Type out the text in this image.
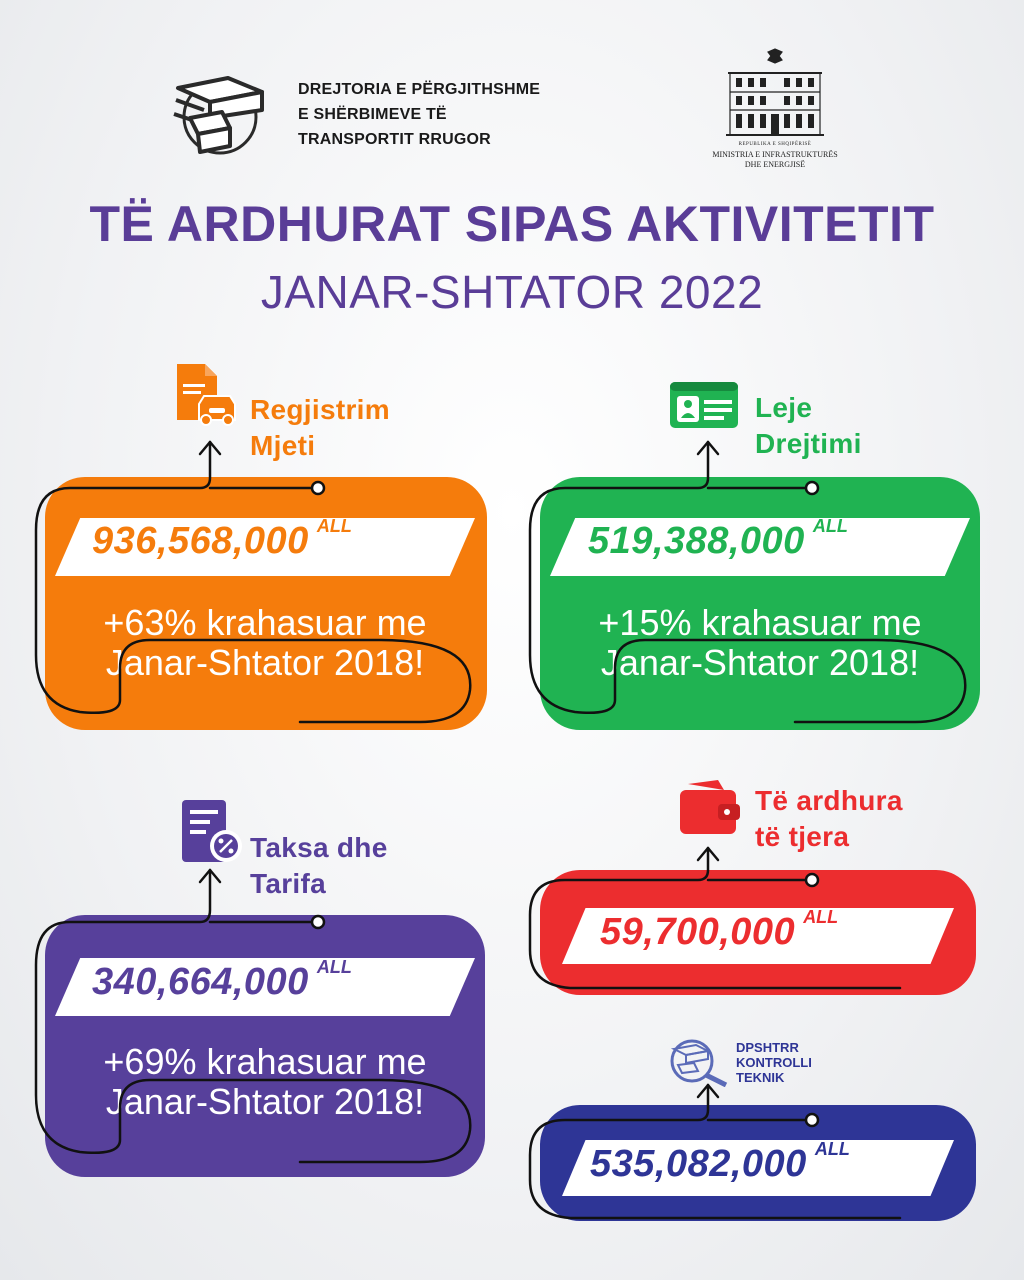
DREJTORIA E PËRGJITHSHME
E SHËRBIMEVE TË
TRANSPORTIT RRUGOR	REPUBLIKA E SHQIPËRISË
MINISTRIA E INFRASTRUKTURËS
DHE ENERGJISË
TË ARDHURAT SIPAS AKTIVITETIT
JANAR-SHTATOR 2022
936,568,000 ALL
+63% krahasuar me
Janar-Shtator 2018!
Regjistrim
Mjeti
519,388,000 ALL
+15% krahasuar me
Janar-Shtator 2018!
Leje
Drejtimi
340,664,000 ALL
+69% krahasuar me
Janar-Shtator 2018!
Taksa dhe
Tarifa
59,700,000 ALL
Të ardhura
të tjera
535,082,000 ALL
DPSHTRR
KONTROLLI
TEKNIK
